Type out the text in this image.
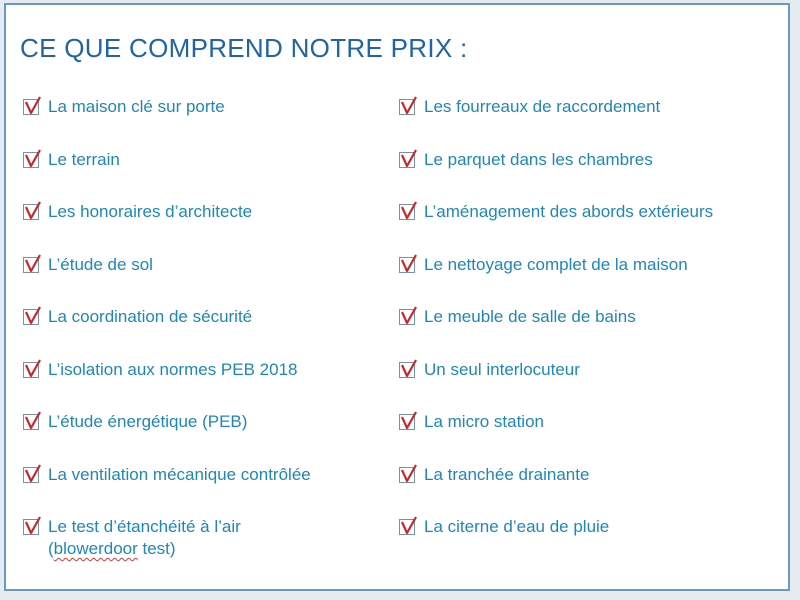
CE QUE COMPREND NOTRE PRIX :
La maison clé sur porte
Le terrain
Les honoraires d’architecte
L’étude de sol
La coordination de sécurité
L’isolation aux normes PEB 2018
L’étude énergétique (PEB)
La ventilation mécanique contrôlée
Le test d’étanchéité à l’air
(blowerdoor test)
Les fourreaux de raccordement
Le parquet dans les chambres
L’aménagement des abords extérieurs
Le nettoyage complet de la maison
Le meuble de salle de bains
Un seul interlocuteur
La micro station
La tranchée drainante
La citerne d’eau de pluie
